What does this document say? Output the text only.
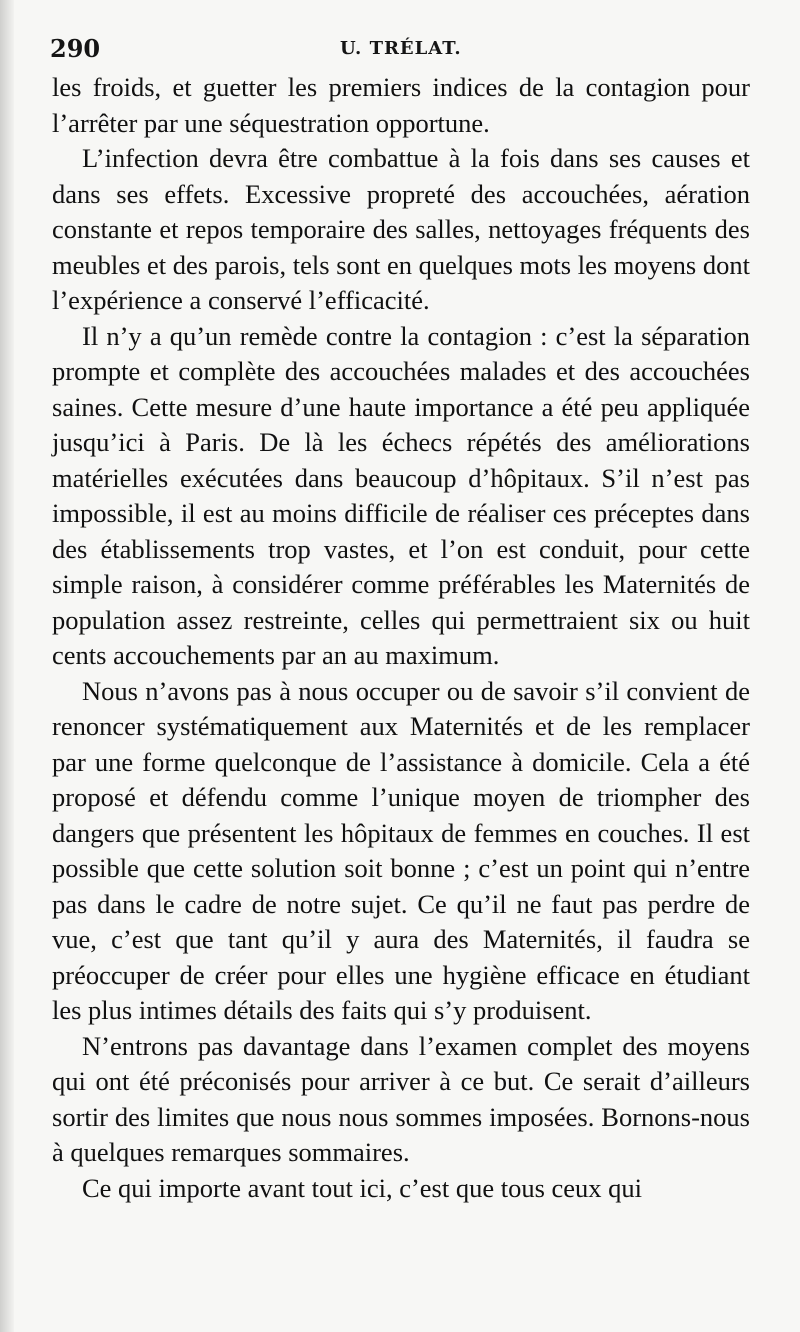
290	U. TRÉLAT.

les froids, et guetter les premiers indices de la contagion pour l’arrêter par une séquestration opportune.

L’infection devra être combattue à la fois dans ses causes et dans ses effets. Excessive propreté des accouchées, aération constante et repos temporaire des salles, nettoyages fréquents des meubles et des parois, tels sont en quelques mots les moyens dont l’expérience a conservé l’efficacité.

Il n’y a qu’un remède contre la contagion : c’est la séparation prompte et complète des accouchées malades et des accouchées saines. Cette mesure d’une haute importance a été peu appliquée jusqu’ici à Paris. De là les échecs répétés des améliorations matérielles exécutées dans beaucoup d’hôpitaux. S’il n’est pas impossible, il est au moins difficile de réaliser ces préceptes dans des établissements trop vastes, et l’on est conduit, pour cette simple raison, à considérer comme préférables les Maternités de population assez restreinte, celles qui permettraient six ou huit cents accouchements par an au maximum.

Nous n’avons pas à nous occuper ou de savoir s’il convient de renoncer systématiquement aux Maternités et de les remplacer par une forme quelconque de l’assistance à domicile. Cela a été proposé et défendu comme l’unique moyen de triompher des dangers que présentent les hôpitaux de femmes en couches. Il est possible que cette solution soit bonne ; c’est un point qui n’entre pas dans le cadre de notre sujet. Ce qu’il ne faut pas perdre de vue, c’est que tant qu’il y aura des Maternités, il faudra se préoccuper de créer pour elles une hygiène efficace en étudiant les plus intimes détails des faits qui s’y produisent.

N’entrons pas davantage dans l’examen complet des moyens qui ont été préconisés pour arriver à ce but. Ce serait d’ailleurs sortir des limites que nous nous sommes imposées. Bornons-nous à quelques remarques sommaires.

Ce qui importe avant tout ici, c’est que tous ceux qui
